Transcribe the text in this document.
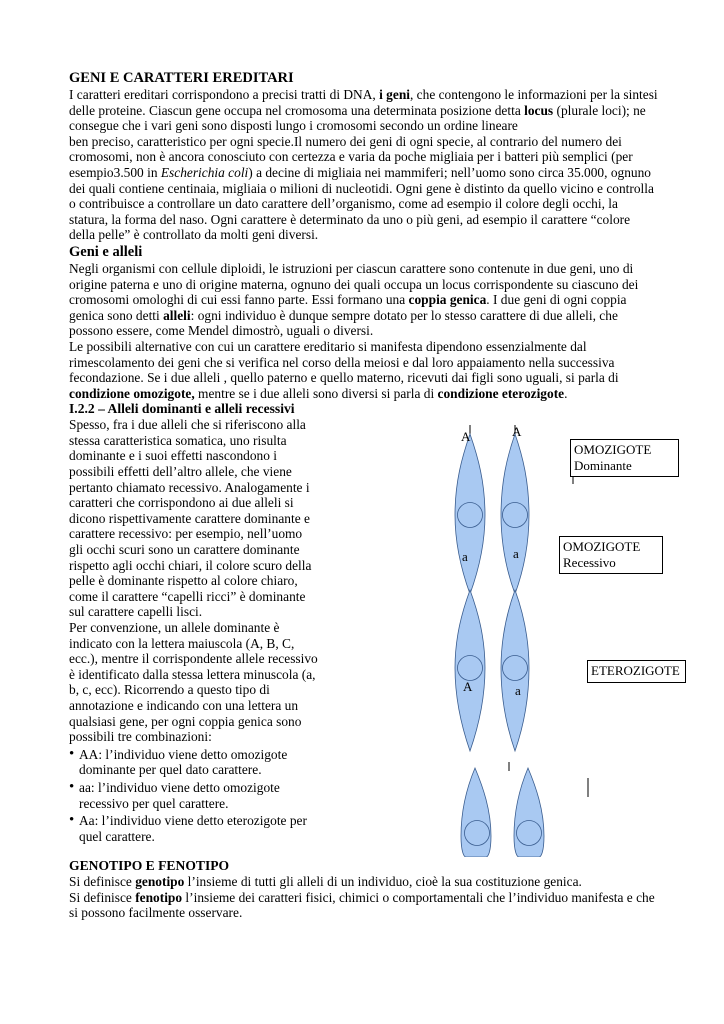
GENI E CARATTERI EREDITARI

I caratteri ereditari corrispondono a precisi tratti di DNA, i geni, che contengono le informazioni per la sintesi delle proteine. Ciascun gene occupa nel cromosoma una determinata posizione detta locus (plurale loci); ne consegue che i vari geni sono disposti lungo i cromosomi secondo un ordine lineare

ben preciso, caratteristico per ogni specie.Il numero dei geni di ogni specie, al contrario del numero dei cromosomi, non è ancora conosciuto con certezza e varia da poche migliaia per i batteri più semplici (per esempio3.500 in Escherichia coli) a decine di migliaia nei mammiferi; nell’uomo sono circa 35.000, ognuno dei quali contiene centinaia, migliaia o milioni di nucleotidi. Ogni gene è distinto da quello vicino e controlla o contribuisce a controllare un dato carattere dell’organismo, come ad esempio il colore degli occhi, la statura, la forma del naso. Ogni carattere è determinato da uno o più geni, ad esempio il carattere “colore della pelle” è controllato da molti geni diversi.

Geni e alleli

Negli organismi con cellule diploidi, le istruzioni per ciascun carattere sono contenute in due geni, uno di origine paterna e uno di origine materna, ognuno dei quali occupa un locus corrispondente su ciascuno dei cromosomi omologhi di cui essi fanno parte. Essi formano una coppia genica. I due geni di ogni coppia genica sono detti alleli: ogni individuo è dunque sempre dotato per lo stesso carattere di due alleli, che possono essere, come Mendel dimostrò, uguali o diversi.

Le possibili alternative con cui un carattere ereditario si manifesta dipendono essenzialmente dal rimescolamento dei geni che si verifica nel corso della meiosi e dal loro appaiamento nella successiva fecondazione. Se i due alleli , quello paterno e quello materno, ricevuti dai figli sono uguali, si parla di condizione omozigote, mentre se i due alleli sono diversi si parla di condizione eterozigote.

I.2.2 – Alleli dominanti e alleli recessivi

Spesso, fra i due alleli che si riferiscono alla stessa caratteristica somatica, uno risulta dominante e i suoi effetti nascondono i possibili effetti dell’altro allele, che viene pertanto chiamato recessivo. Analogamente i caratteri che corrispondono ai due alleli si dicono rispettivamente carattere dominante e carattere recessivo: per esempio, nell’uomo gli occhi scuri sono un carattere dominante rispetto agli occhi chiari, il colore scuro della pelle è dominante rispetto al colore chiaro, come il carattere “capelli ricci” è dominante sul carattere capelli lisci.

Per convenzione, un allele dominante è indicato con la lettera maiuscola (A, B, C, ecc.), mentre il corrispondente allele recessivo è identificato dalla stessa lettera minuscola (a, b, c, ecc). Ricorrendo a questo tipo di annotazione e indicando con una lettera un qualsiasi gene, per ogni coppia genica sono possibili tre combinazioni:

• AA: l’individuo viene detto omozigote dominante per quel dato carattere.
• aa: l’individuo viene detto omozigote recessivo per quel carattere.
• Aa: l’individuo viene detto eterozigote per quel carattere.
A	A
OMOZIGOTE
Dominante
a	a	OMOZIGOTE
Recessivo
A	a
ETEROZIGOTE
GENOTIPO E FENOTIPO

Si definisce genotipo l’insieme di tutti gli alleli di un individuo, cioè la sua costituzione genica.

Si definisce fenotipo l’insieme dei caratteri fisici, chimici o comportamentali che l’individuo manifesta e che si possono facilmente osservare.
